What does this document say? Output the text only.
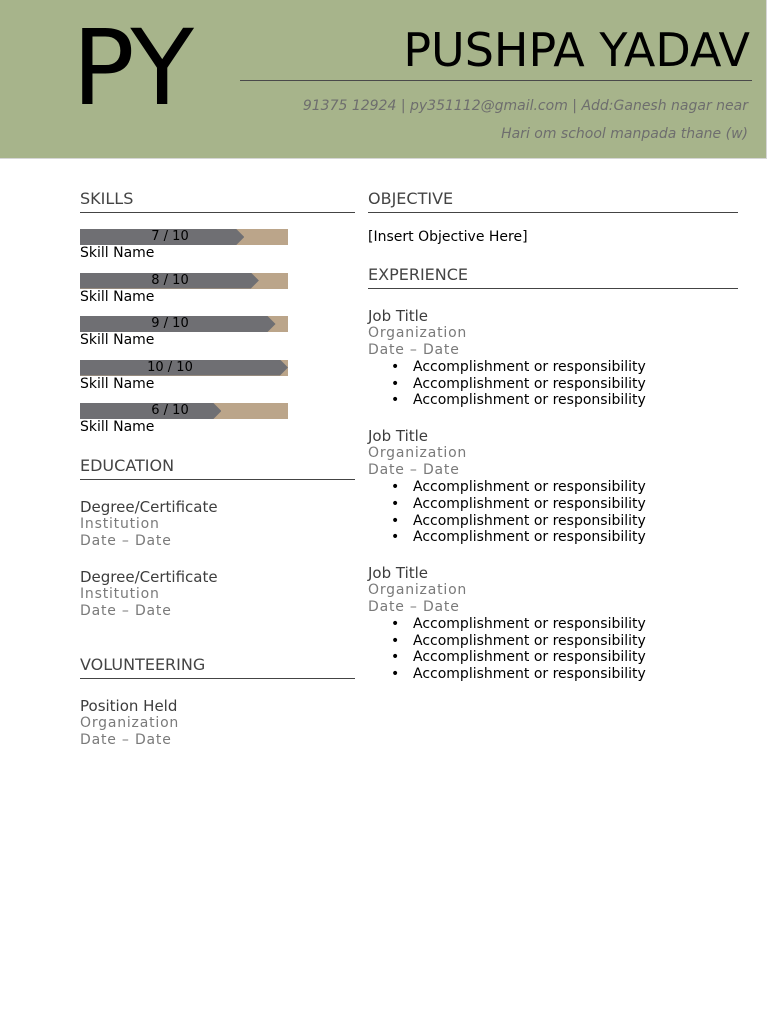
PY	PUSHPA YADAV
91375 12924 | py351112@gmail.com | Add:Ganesh nagar near
Hari om school manpada thane (w)
SKILLS
7 / 10
Skill Name
8 / 10
Skill Name
9 / 10
Skill Name
10 / 10
Skill Name
6 / 10
Skill Name
EDUCATION
Degree/Certificate
Institution
Date – Date
Degree/Certificate
Institution
Date – Date
VOLUNTEERING
Position Held
Organization
Date – Date
OBJECTIVE
[Insert Objective Here]
EXPERIENCE
Job Title
Organization
Date – Date
• Accomplishment or responsibility
• Accomplishment or responsibility
• Accomplishment or responsibility
Job Title
Organization
Date – Date
• Accomplishment or responsibility
• Accomplishment or responsibility
• Accomplishment or responsibility
• Accomplishment or responsibility
Job Title
Organization
Date – Date
• Accomplishment or responsibility
• Accomplishment or responsibility
• Accomplishment or responsibility
• Accomplishment or responsibility
